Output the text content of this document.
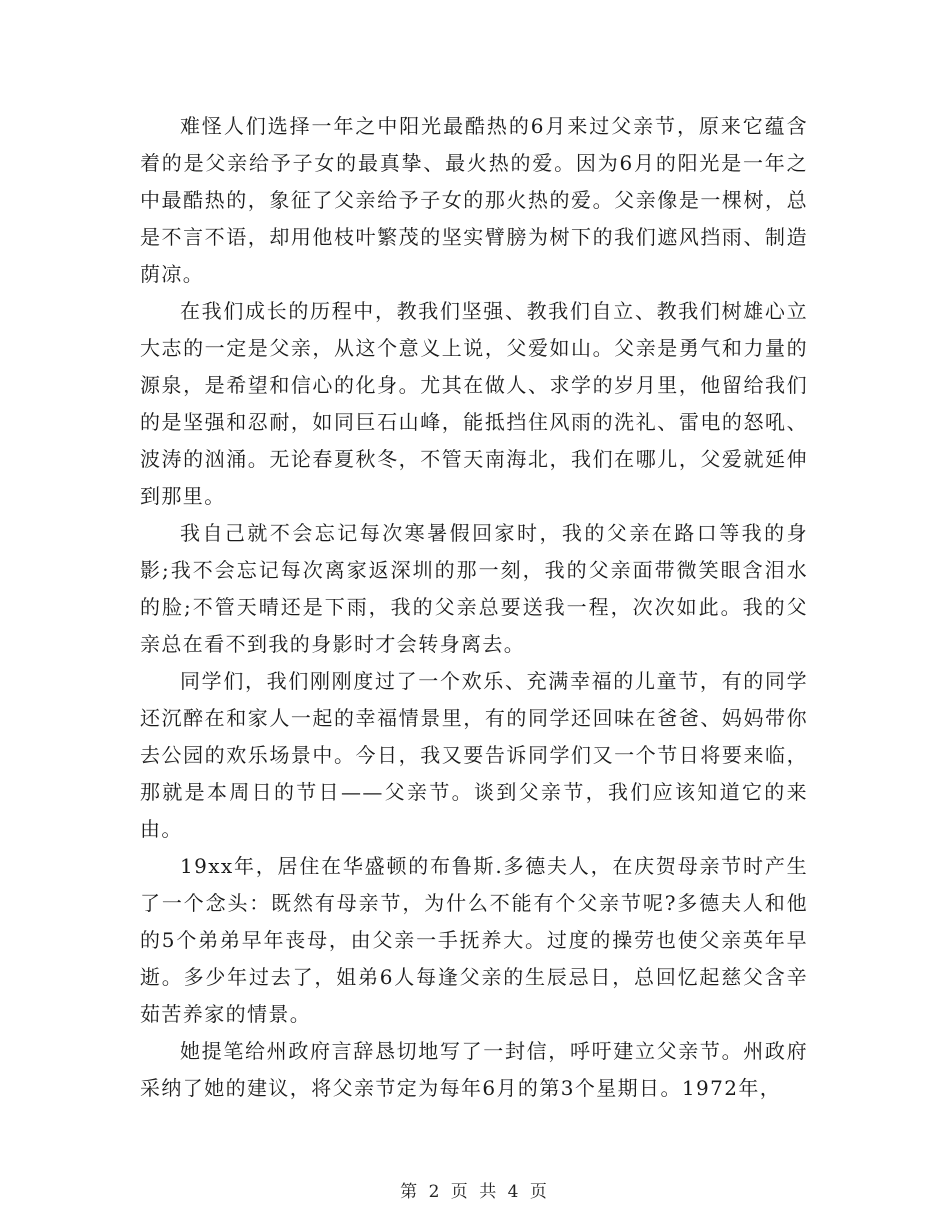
难怪人们选择一年之中阳光最酷热的6月来过父亲节，原来它蕴含着的是父亲给予子女的最真挚、最火热的爱。因为6月的阳光是一年之中最酷热的，象征了父亲给予子女的那火热的爱。父亲像是一棵树，总是不言不语，却用他枝叶繁茂的坚实臂膀为树下的我们遮风挡雨、制造荫凉。

在我们成长的历程中，教我们坚强、教我们自立、教我们树雄心立大志的一定是父亲，从这个意义上说，父爱如山。父亲是勇气和力量的源泉，是希望和信心的化身。尤其在做人、求学的岁月里，他留给我们的是坚强和忍耐，如同巨石山峰，能抵挡住风雨的洗礼、雷电的怒吼、波涛的汹涌。无论春夏秋冬，不管天南海北，我们在哪儿，父爱就延伸到那里。

我自己就不会忘记每次寒暑假回家时，我的父亲在路口等我的身影;我不会忘记每次离家返深圳的那一刻，我的父亲面带微笑眼含泪水的脸;不管天晴还是下雨，我的父亲总要送我一程，次次如此。我的父亲总在看不到我的身影时才会转身离去。

同学们，我们刚刚度过了一个欢乐、充满幸福的儿童节，有的同学还沉醉在和家人一起的幸福情景里，有的同学还回味在爸爸、妈妈带你去公园的欢乐场景中。今日，我又要告诉同学们又一个节日将要来临，那就是本周日的节日——父亲节。谈到父亲节，我们应该知道它的来由。

19xx年，居住在华盛顿的布鲁斯.多德夫人，在庆贺母亲节时产生了一个念头：既然有母亲节，为什么不能有个父亲节呢?多德夫人和他的5个弟弟早年丧母，由父亲一手抚养大。过度的操劳也使父亲英年早逝。多少年过去了，姐弟6人每逢父亲的生辰忌日，总回忆起慈父含辛茹苦养家的情景。

她提笔给州政府言辞恳切地写了一封信，呼吁建立父亲节。州政府采纳了她的建议，将父亲节定为每年6月的第3个星期日。1972年，

第 2 页 共 4 页
